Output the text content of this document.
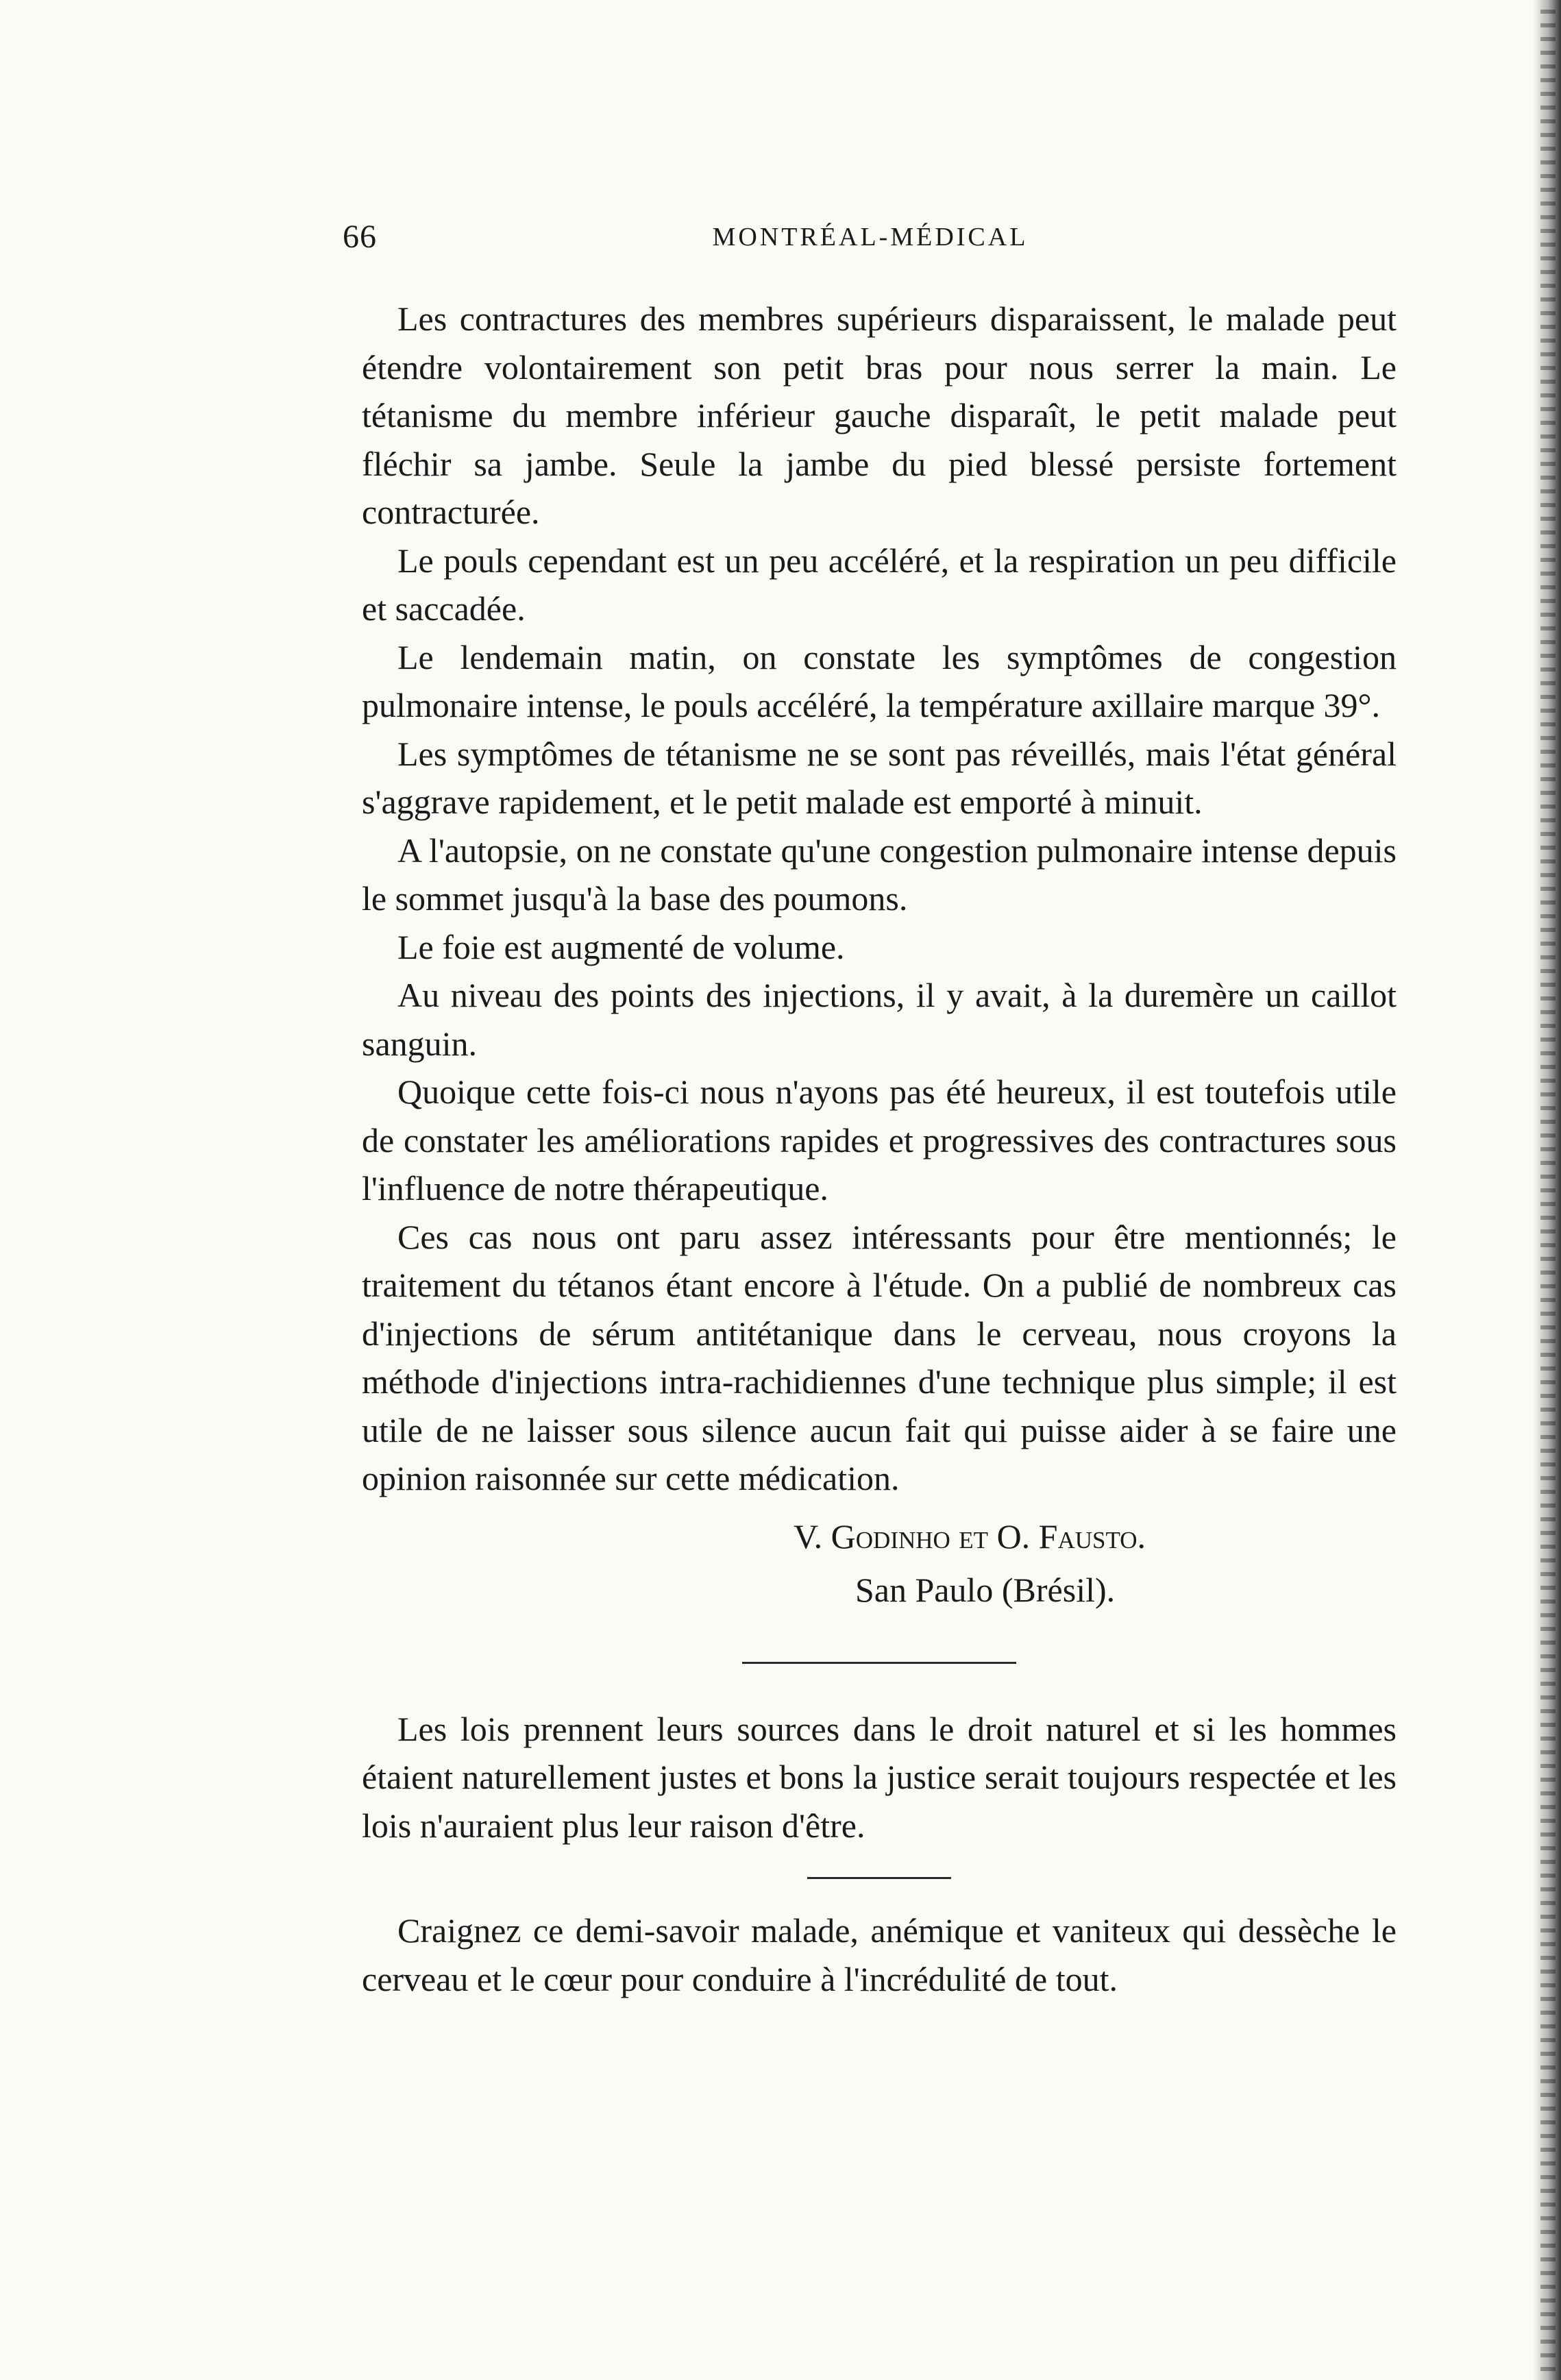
66	MONTRÉAL-MÉDICAL

Les contractures des membres supérieurs disparaissent, le malade peut étendre volontairement son petit bras pour nous serrer la main. Le tétanisme du membre inférieur gauche disparaît, le petit malade peut fléchir sa jambe. Seule la jambe du pied blessé persiste fortement contracturée.

Le pouls cependant est un peu accéléré, et la respiration un peu difficile et saccadée.

Le lendemain matin, on constate les symptômes de congestion pulmonaire intense, le pouls accéléré, la température axillaire marque 39°.

Les symptômes de tétanisme ne se sont pas réveillés, mais l'état général s'aggrave rapidement, et le petit malade est emporté à minuit.

A l'autopsie, on ne constate qu'une congestion pulmonaire intense depuis le sommet jusqu'à la base des poumons.

Le foie est augmenté de volume.

Au niveau des points des injections, il y avait, à la duremère un caillot sanguin.

Quoique cette fois-ci nous n'ayons pas été heureux, il est toutefois utile de constater les améliorations rapides et progressives des contractures sous l'influence de notre thérapeutique.

Ces cas nous ont paru assez intéressants pour être mentionnés; le traitement du tétanos étant encore à l'étude. On a publié de nombreux cas d'injections de sérum antitétanique dans le cerveau, nous croyons la méthode d'injections intra-rachidiennes d'une technique plus simple; il est utile de ne laisser sous silence aucun fait qui puisse aider à se faire une opinion raisonnée sur cette médication.

V. Godinho et O. Fausto.

San Paulo (Brésil).

Les lois prennent leurs sources dans le droit naturel et si les hommes étaient naturellement justes et bons la justice serait toujours respectée et les lois n'auraient plus leur raison d'être.

Craignez ce demi-savoir malade, anémique et vaniteux qui dessèche le cerveau et le cœur pour conduire à l'incrédulité de tout.
